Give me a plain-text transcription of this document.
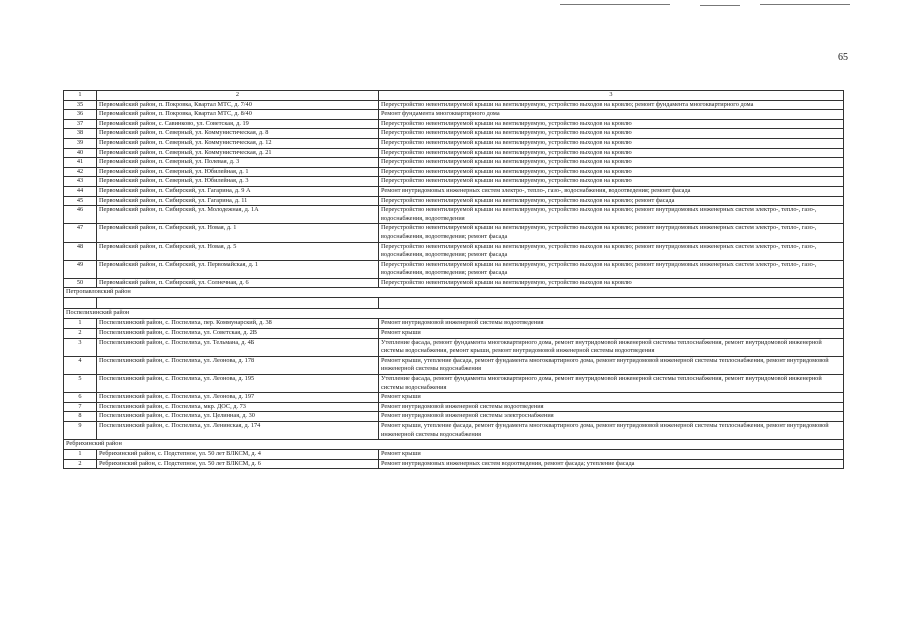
65
1	2	3
35	Первомайский район, п. Покровка, Квартал МТС, д. 7/40	Переустройство невентилируемой крыши на вентилируемую, устройство выходов на кровлю; ремонт фундамента многоквартирного дома
36	Первомайский район, п. Покровка, Квартал МТС, д. 8/40	Ремонт фундамента многоквартирного дома
37	Первомайский район, с. Савинково, ул. Советская, д. 19	Переустройство невентилируемой крыши на вентилируемую, устройство выходов на кровлю
38	Первомайский район, п. Северный, ул. Коммунистическая, д. 8	Переустройство невентилируемой крыши на вентилируемую, устройство выходов на кровлю
39	Первомайский район, п. Северный, ул. Коммунистическая, д. 12	Переустройство невентилируемой крыши на вентилируемую, устройство выходов на кровлю
40	Первомайский район, п. Северный, ул. Коммунистическая, д. 21	Переустройство невентилируемой крыши на вентилируемую, устройство выходов на кровлю
41	Первомайский район, п. Северный, ул. Полевая, д. 3	Переустройство невентилируемой крыши на вентилируемую, устройство выходов на кровлю
42	Первомайский район, п. Северный, ул. Юбилейная, д. 1	Переустройство невентилируемой крыши на вентилируемую, устройство выходов на кровлю
43	Первомайский район, п. Северный, ул. Юбилейная, д. 3	Переустройство невентилируемой крыши на вентилируемую, устройство выходов на кровлю
44	Первомайский район, п. Сибирский, ул. Гагарина, д. 9 А	Ремонт внутридомовых инженерных систем электро-, тепло-, газо-, водоснабжения, водоотведения; ремонт фасада
45	Первомайский район, п. Сибирский, ул. Гагарина, д. 11	Переустройство невентилируемой крыши на вентилируемую, устройство выходов на кровлю; ремонт фасада
46	Первомайский район, п. Сибирский, ул. Молодежная, д. 1А	Переустройство невентилируемой крыши на вентилируемую, устройство выходов на кровлю; ремонт внутридомовых инженерных систем электро-, тепло-, газо-, водоснабжения, водоотведения
47	Первомайский район, п. Сибирский, ул. Новая, д. 1	Переустройство невентилируемой крыши на вентилируемую, устройство выходов на кровлю; ремонт внутридомовых инженерных систем электро-, тепло-, газо-, водоснабжения, водоотведения; ремонт фасада
48	Первомайский район, п. Сибирский, ул. Новая, д. 5	Переустройство невентилируемой крыши на вентилируемую, устройство выходов на кровлю; ремонт внутридомовых инженерных систем электро-, тепло-, газо-, водоснабжения, водоотведения; ремонт фасада
49	Первомайский район, п. Сибирский, ул. Первомайская, д. 1	Переустройство невентилируемой крыши на вентилируемую, устройство выходов на кровлю; ремонт внутридомовых инженерных систем электро-, тепло-, газо-, водоснабжения, водоотведения; ремонт фасада
50	Первомайский район, п. Сибирский, ул. Солнечная, д. 6	Переустройство невентилируемой крыши на вентилируемую, устройство выходов на кровлю
Петропавловский район		

Поспелихинский район		
1	Поспелихинский район, с. Поспелиха, пер. Коммунарский, д. 38	Ремонт внутридомовой инженерной системы водоотведения
2	Поспелихинский район, с. Поспелиха, ул. Советская, д. 2В	Ремонт крыши
3	Поспелихинский район, с. Поспелиха, ул. Тельмана, д. 4Б	Утепление фасада, ремонт фундамента многоквартирного дома, ремонт внутридомовой инженерной системы теплоснабжения, ремонт внутридомовой инженерной системы водоснабжения, ремонт крыши, ремонт внутридомовой инженерной системы водоотведения
4	Поспелихинский район, с. Поспелиха, ул. Леонова, д. 178	Ремонт крыши, утепление фасада, ремонт фундамента многоквартирного дома, ремонт внутридомовой инженерной системы теплоснабжения, ремонт внутридомовой инженерной системы водоснабжения
5	Поспелихинский район, с. Поспелиха, ул. Леонова, д. 195	Утепление фасада, ремонт фундамента многоквартирного дома, ремонт внутридомовой инженерной системы теплоснабжения, ремонт внутридомовой инженерной системы водоснабжения
6	Поспелихинский район, с. Поспелиха, ул. Леонова, д. 197	Ремонт крыши
7	Поспелихинский район, с. Поспелиха, мкр. ДОС, д. 73	Ремонт внутридомовой инженерной системы водоотведения
8	Поспелихинский район, с. Поспелиха, ул. Целинная, д. 30	Ремонт внутридомовой инженерной системы электроснабжения
9	Поспелихинский район, с. Поспелиха, ул. Ленинская, д. 174	Ремонт крыши, утепление фасада, ремонт фундамента многоквартирного дома, ремонт внутридомовой инженерной системы теплоснабжения, ремонт внутридомовой инженерной системы водоснабжения
Ребрихинский район		
1	Ребрихинский район, с. Подстепное, ул. 50 лет ВЛКСМ, д. 4	Ремонт крыши
2	Ребрихинский район, с. Подстепное, ул. 50 лет ВЛКСМ, д. 6	Ремонт внутридомовых инженерных систем водоотведения, ремонт фасада; утепление фасада
